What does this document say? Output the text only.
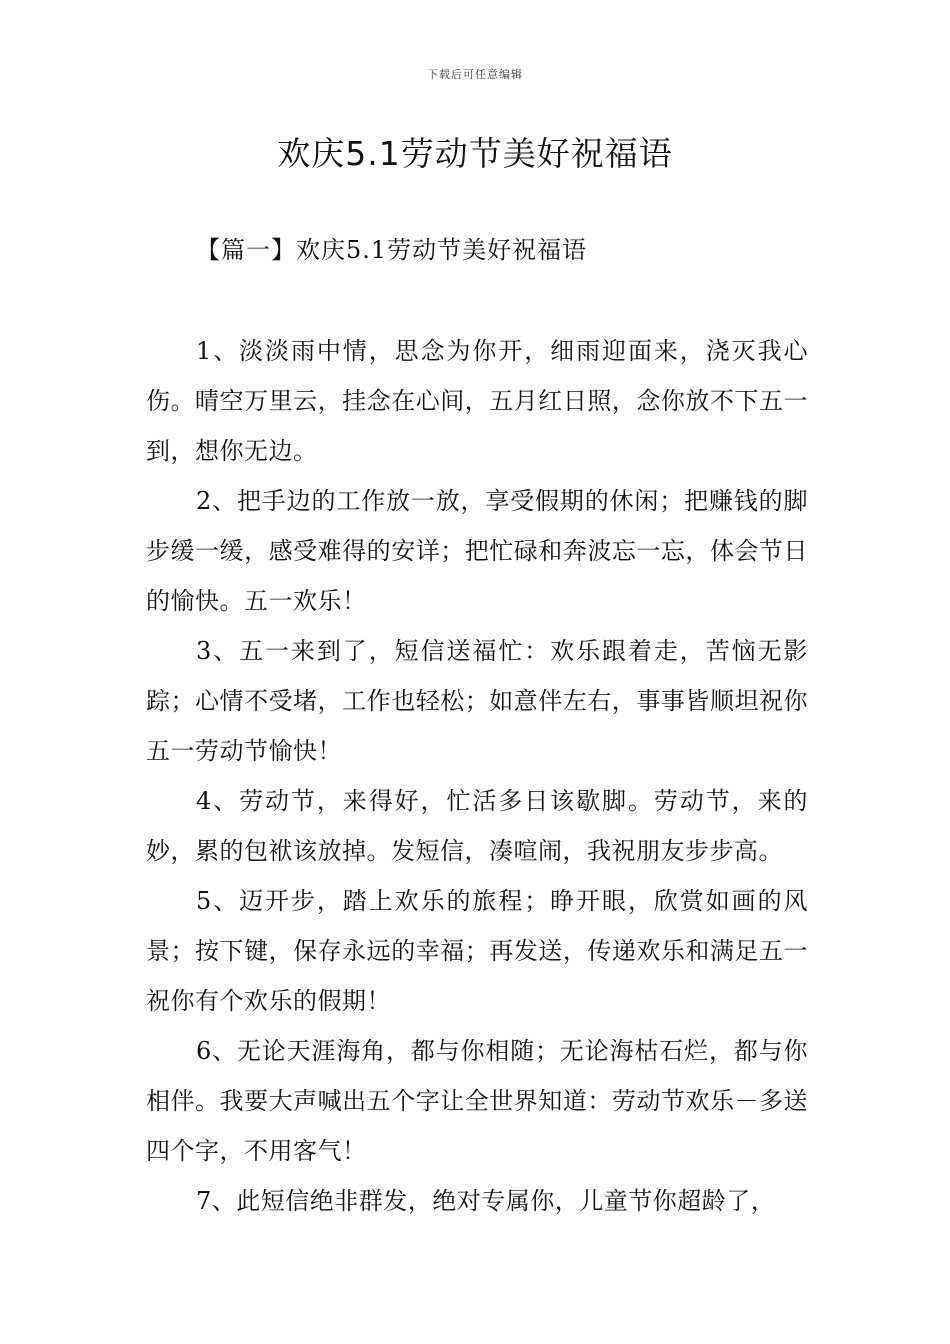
下载后可任意编辑
欢庆5.1劳动节美好祝福语
【篇一】欢庆5.1劳动节美好祝福语

1、淡淡雨中情，思念为你开，细雨迎面来，浇灭我心伤。晴空万里云，挂念在心间，五月红日照，念你放不下五一到，想你无边。

2、把手边的工作放一放，享受假期的休闲；把赚钱的脚步缓一缓，感受难得的安详；把忙碌和奔波忘一忘，体会节日的愉快。五一欢乐！

3、五一来到了，短信送福忙：欢乐跟着走，苦恼无影踪；心情不受堵，工作也轻松；如意伴左右，事事皆顺坦祝你五一劳动节愉快！

4、劳动节，来得好，忙活多日该歇脚。劳动节，来的妙，累的包袱该放掉。发短信，凑喧闹，我祝朋友步步高。

5、迈开步，踏上欢乐的旅程；睁开眼，欣赏如画的风景；按下键，保存永远的幸福；再发送，传递欢乐和满足五一祝你有个欢乐的假期！

6、无论天涯海角，都与你相随；无论海枯石烂，都与你相伴。我要大声喊出五个字让全世界知道：劳动节欢乐－多送四个字，不用客气！

7、此短信绝非群发，绝对专属你，儿童节你超龄了，
